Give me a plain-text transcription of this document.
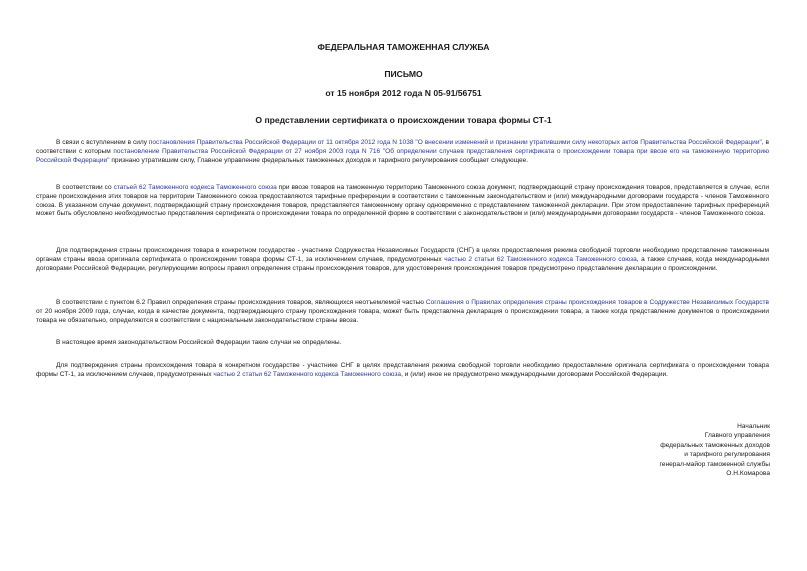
ФЕДЕРАЛЬНАЯ ТАМОЖЕННАЯ СЛУЖБА
ПИСЬМО
от 15 ноября 2012 года N 05-91/56751
О представлении сертификата о происхождении товара формы СТ-1

В связи с вступлением в силу постановления Правительства Российской Федерации от 11 октября 2012 года N 1038 "О внесении изменений и признании утратившими силу некоторых актов Правительства Российской Федерации", в соответствии с которым постановление Правительства Российской Федерации от 27 ноября 2003 года N 716 "Об определении случаев представления сертификата о происхождении товара при ввозе его на таможенную территорию Российской Федерации" признано утратившим силу, Главное управление федеральных таможенных доходов и тарифного регулирования сообщает следующее.

В соответствии со статьей 62 Таможенного кодекса Таможенного союза при ввозе товаров на таможенную территорию Таможенного союза документ, подтверждающий страну происхождения товаров, представляется в случае, если стране происхождения этих товаров на территории Таможенного союза предоставляются тарифные преференции в соответствии с таможенным законодательством и (или) международными договорами государств - членов Таможенного союза. В указанном случае документ, подтверждающий страну происхождения товаров, представляется таможенному органу одновременно с представлением таможенной декларации. При этом предоставление тарифных преференций может быть обусловлено необходимостью представления сертификата о происхождении товара по определенной форме в соответствии с законодательством и (или) международными договорами государств - членов Таможенного союза.

Для подтверждения страны происхождения товара в конкретном государстве - участнике Содружества Независимых Государств (СНГ) в целях предоставления режима свободной торговли необходимо представление таможенным органам страны ввоза оригинала сертификата о происхождении товара формы СТ-1, за исключением случаев, предусмотренных частью 2 статьи 62 Таможенного кодекса Таможенного союза, а также случаев, когда международными договорами Российской Федерации, регулирующими вопросы правил определения страны происхождения товаров, для удостоверения происхождения товаров предусмотрено представление декларации о происхождении.

В соответствии с пунктом 6.2 Правил определения страны происхождения товаров, являющихся неотъемлемой частью Соглашения о Правилах определения страны происхождения товаров в Содружестве Независимых Государств от 20 ноября 2009 года, случаи, когда в качестве документа, подтверждающего страну происхождения товара, может быть представлена декларация о происхождении товара, а также когда представление документов о происхождении товара не обязательно, определяются в соответствии с национальным законодательством страны ввоза.

В настоящее время законодательством Российской Федерации такие случаи не определены.

Для подтверждения страны происхождения товара в конкретном государстве - участнике СНГ в целях представления режима свободной торговли необходимо предоставление оригинала сертификата о происхождении товара формы СТ-1, за исключением случаев, предусмотренных частью 2 статьи 62 Таможенного кодекса Таможенного союза, и (или) иное не предусмотрено международными договорами Российской Федерации.

Начальник
Главного управления
федеральных таможенных доходов
и тарифного регулирования
генерал-майор таможенной службы
О.Н.Комарова
